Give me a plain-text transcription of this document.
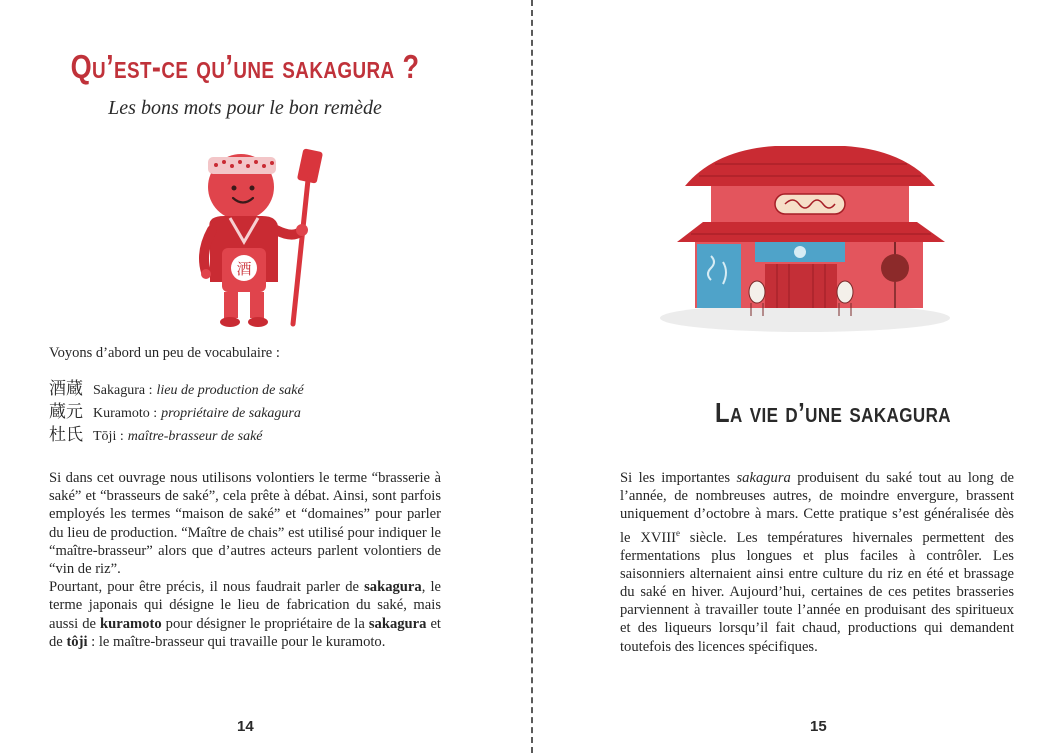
Qu’est-ce qu’une sakagura ?
Les bons mots pour le bon remède
酒
Voyons d’abord un peu de vocabulaire :
酒蔵 Sakagura : lieu de production de saké
蔵元 Kuramoto : propriétaire de sakagura
杜氏 Tōji : maître-brasseur de saké

Si dans cet ouvrage nous utilisons volontiers le terme “brasserie à saké” et “brasseurs de saké”, cela prête à débat. Ainsi, sont parfois employés les termes “maison de saké” et “domaines” pour parler du lieu de production. “Maître de chais” est utilisé pour indiquer le “maître-brasseur” alors que d’autres acteurs parlent volontiers de “vin de riz”.

Pourtant, pour être précis, il nous faudrait parler de sakagura, le terme japonais qui désigne le lieu de fabrication du saké, mais aussi de kuramoto pour désigner le propriétaire de la sakagura et de tôji : le maître-brasseur qui travaille pour le kuramoto.

14
La vie d’une sakagura

Si les importantes sakagura produisent du saké tout au long de l’année, de nombreuses autres, de moindre envergure, brassent uniquement d’octobre à mars. Cette pratique s’est généralisée dès le XVIIIe siècle. Les températures hivernales permettent des fermentations plus longues et plus faciles à contrôler. Les saisonniers alternaient ainsi entre culture du riz en été et brassage du saké en hiver. Aujourd’hui, certaines de ces petites brasseries parviennent à travailler toute l’année en produisant des spiritueux et des liqueurs lorsqu’il fait chaud, productions qui demandent toutefois des licences spécifiques.

15
